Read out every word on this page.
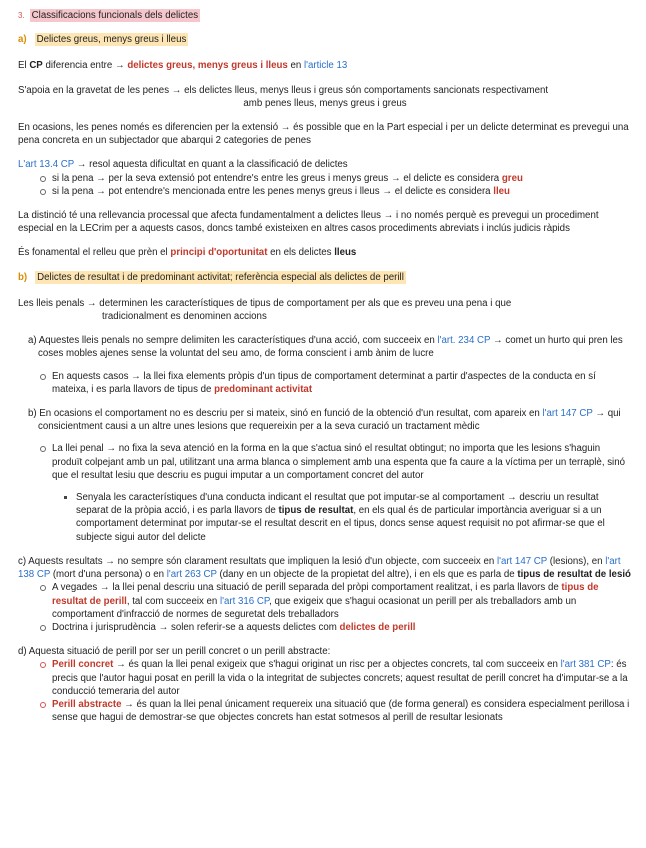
3. Classificacions funcionals dels delictes

a) Delictes greus, menys greus i lleus

El CP diferencia entre → delictes greus, menys greus i lleus en l'article 13

S'apoia en la gravetat de les penes → els delictes lleus, menys lleus i greus són comportaments sancionats respectivament

amb penes lleus, menys greus i greus

En ocasions, les penes només es diferencien per la extensió → és possible que en la Part especial i per un delicte determinat es prevegui una pena concreta en un subjectador que abarqui 2 categories de penes

L'art 13.4 CP → resol aquesta dificultat en quant a la classificació de delictes

si la pena → per la seva extensió pot entendre's entre les greus i menys greus → el delicte es considera greu
si la pena → pot entendre's mencionada entre les penes menys greus i lleus → el delicte es considera lleu

La distinció té una rellevancia processal que afecta fundamentalment a delictes lleus → i no només perquè es prevegui un procediment especial en la LECrim per a aquests casos, doncs també existeixen en altres casos procediments abreviats i inclús judicis ràpids

És fonamental el relleu que prèn el principi d'oportunitat en els delictes lleus

b) Delictes de resultat i de predominant activitat; referència especial als delictes de perill

Les lleis penals → determinen les característiques de tipus de comportament per als que es preveu una pena i que

tradicionalment es denominen accions

a) Aquestes lleis penals no sempre delimiten les característiques d'una acció, com succeeix en l'art. 234 CP → comet un hurto qui pren les coses mobles ajenes sense la voluntat del seu amo, de forma conscient i amb ànim de lucre

En aquests casos → la llei fixa elements pròpis d'un tipus de comportament determinat a partir d'aspectes de la conducta en sí mateixa, i es parla llavors de tipus de predominant activitat

b) En ocasions el comportament no es descriu per si mateix, sinó en funció de la obtenció d'un resultat, com apareix en l'art 147 CP → qui consicientment causi a un altre unes lesions que requereixin per a la seva curació un tractament mèdic

La llei penal → no fixa la seva atenció en la forma en la que s'actua sinó el resultat obtingut; no importa que les lesions s'haguin produït colpejant amb un pal, utilitzant una arma blanca o simplement amb una espenta que fa caure a la víctima per un terraplè, sinó que el resultat lesiu que descriu es pugui imputar a un comportament concret del autor
Senyala les característiques d'una conducta indicant el resultat que pot imputar-se al comportament → descriu un resultat separat de la pròpia acció, i es parla llavors de tipus de resultat, en els qual és de particular importància averiguar si a un comportament determinat por imputar-se el resultat descrit en el tipus, doncs sense aquest requisit no pot afirmar-se que el subjecte sigui autor del delicte

c) Aquests resultats → no sempre són clarament resultats que impliquen la lesió d'un objecte, com succeeix en l'art 147 CP (lesions), en l'art 138 CP (mort d'una persona) o en l'art 263 CP (dany en un objecte de la propietat del altre), i en els que es parla de tipus de resultat de lesió

A vegades → la llei penal descriu una situació de perill separada del pròpi comportament realitzat, i es parla llavors de tipus de resultat de perill, tal com succeeix en l'art 316 CP, que exigeix que s'hagui ocasionat un perill per als treballadors amb un comportament d'infracció de normes de seguretat dels treballadors
Doctrina i jurisprudència → solen referir-se a aquests delictes com delictes de perill

d) Aquesta situació de perill por ser un perill concret o un perill abstracte:

Perill concret → és quan la llei penal exigeix que s'hagui originat un risc per a objectes concrets, tal com succeeix en l'art 381 CP: és precis que l'autor hagui posat en perill la vida o la integritat de subjectes concrets; aquest resultat de perill concret ha d'imputar-se a la conducció temeraria del autor
Perill abstracte → és quan la llei penal únicament requereix una situació que (de forma general) es considera especialment perillosa i sense que hagui de demostrar-se que objectes concrets han estat sotmesos al perill de resultar lesionats
